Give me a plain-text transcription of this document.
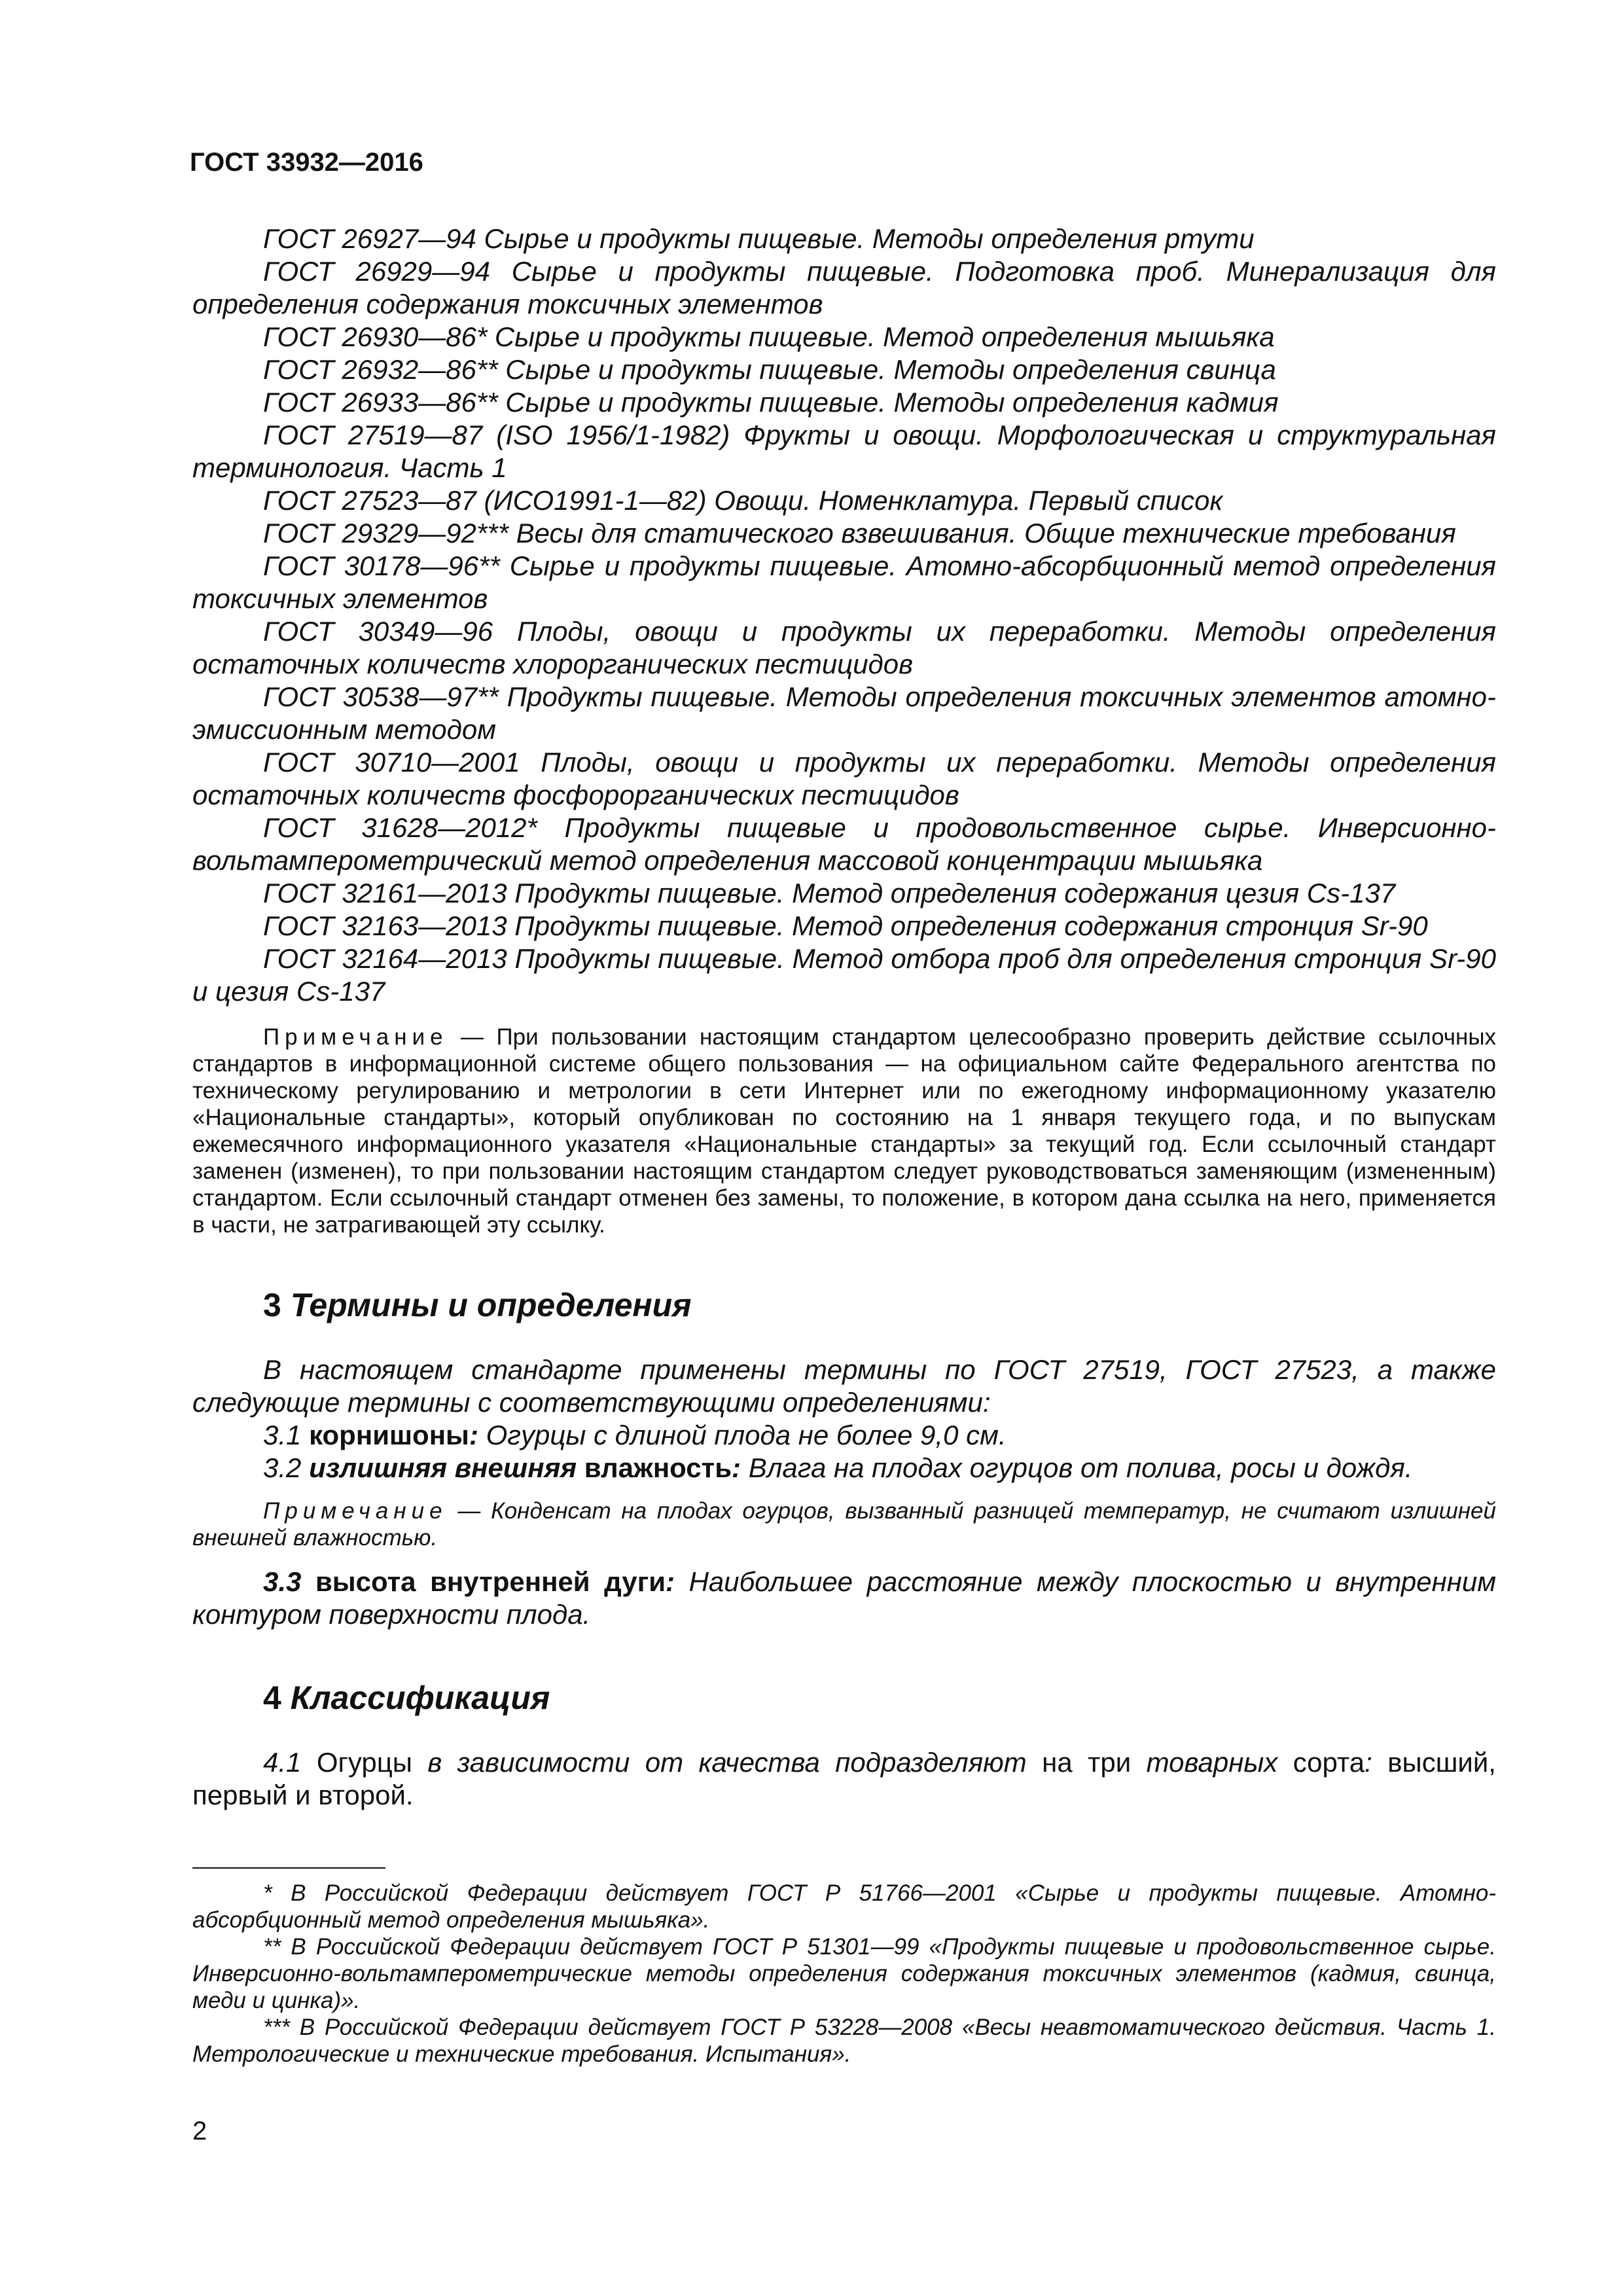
ГОСТ 33932—2016
ГОСТ 26927—94 Сырье и продукты пищевые. Методы определения ртути
ГОСТ 26929—94 Сырье и продукты пищевые. Подготовка проб. Минерализация для определения содержания токсичных элементов
ГОСТ 26930—86* Сырье и продукты пищевые. Метод определения мышьяка
ГОСТ 26932—86** Сырье и продукты пищевые. Методы определения свинца
ГОСТ 26933—86** Сырье и продукты пищевые. Методы определения кадмия
ГОСТ 27519—87 (ISO 1956/1-1982) Фрукты и овощи. Морфологическая и структуральная терминология. Часть 1
ГОСТ 27523—87 (ИСО1991-1—82) Овощи. Номенклатура. Первый список
ГОСТ 29329—92*** Весы для статического взвешивания. Общие технические требования
ГОСТ 30178—96** Сырье и продукты пищевые. Атомно-абсорбционный метод определения токсичных элементов
ГОСТ 30349—96 Плоды, овощи и продукты их переработки. Методы определения остаточных количеств хлорорганических пестицидов
ГОСТ 30538—97** Продукты пищевые. Методы определения токсичных элементов атомно-эмиссионным методом
ГОСТ 30710—2001 Плоды, овощи и продукты их переработки. Методы определения остаточных количеств фосфорорганических пестицидов
ГОСТ 31628—2012* Продукты пищевые и продовольственное сырье. Инверсионно-вольтамперометрический метод определения массовой концентрации мышьяка
ГОСТ 32161—2013 Продукты пищевые. Метод определения содержания цезия Cs-137
ГОСТ 32163—2013 Продукты пищевые. Метод определения содержания стронция Sr-90
ГОСТ 32164—2013 Продукты пищевые. Метод отбора проб для определения стронция Sr-90 и цезия Cs-137
Примечание — При пользовании настоящим стандартом целесообразно проверить действие ссылочных стандартов в информационной системе общего пользования — на официальном сайте Федерального агентства по техническому регулированию и метрологии в сети Интернет или по ежегодному информационному указателю «Национальные стандарты», который опубликован по состоянию на 1 января текущего года, и по выпускам ежемесячного информационного указателя «Национальные стандарты» за текущий год. Если ссылочный стандарт заменен (изменен), то при пользовании настоящим стандартом следует руководствоваться заменяющим (измененным) стандартом. Если ссылочный стандарт отменен без замены, то положение, в котором дана ссылка на него, применяется в части, не затрагивающей эту ссылку.
3 Термины и определения
В настоящем стандарте применены термины по ГОСТ 27519, ГОСТ 27523, а также следующие термины с соответствующими определениями:
3.1 корнишоны: Огурцы с длиной плода не более 9,0 см.
3.2 излишняя внешняя влажность: Влага на плодах огурцов от полива, росы и дождя.
Примечание — Конденсат на плодах огурцов, вызванный разницей температур, не считают излишней внешней влажностью.
3.3 высота внутренней дуги: Наибольшее расстояние между плоскостью и внутренним контуром поверхности плода.
4 Классификация
4.1 Огурцы в зависимости от качества подразделяют на три товарных сорта: высший, первый и второй.
* В Российской Федерации действует ГОСТ Р 51766—2001 «Сырье и продукты пищевые. Атомно-абсорбционный метод определения мышьяка».
** В Российской Федерации действует ГОСТ Р 51301—99 «Продукты пищевые и продовольственное сырье. Инверсионно-вольтамперометрические методы определения содержания токсичных элементов (кадмия, свинца, меди и цинка)».
*** В Российской Федерации действует ГОСТ Р 53228—2008 «Весы неавтоматического действия. Часть 1. Метрологические и технические требования. Испытания».
2
